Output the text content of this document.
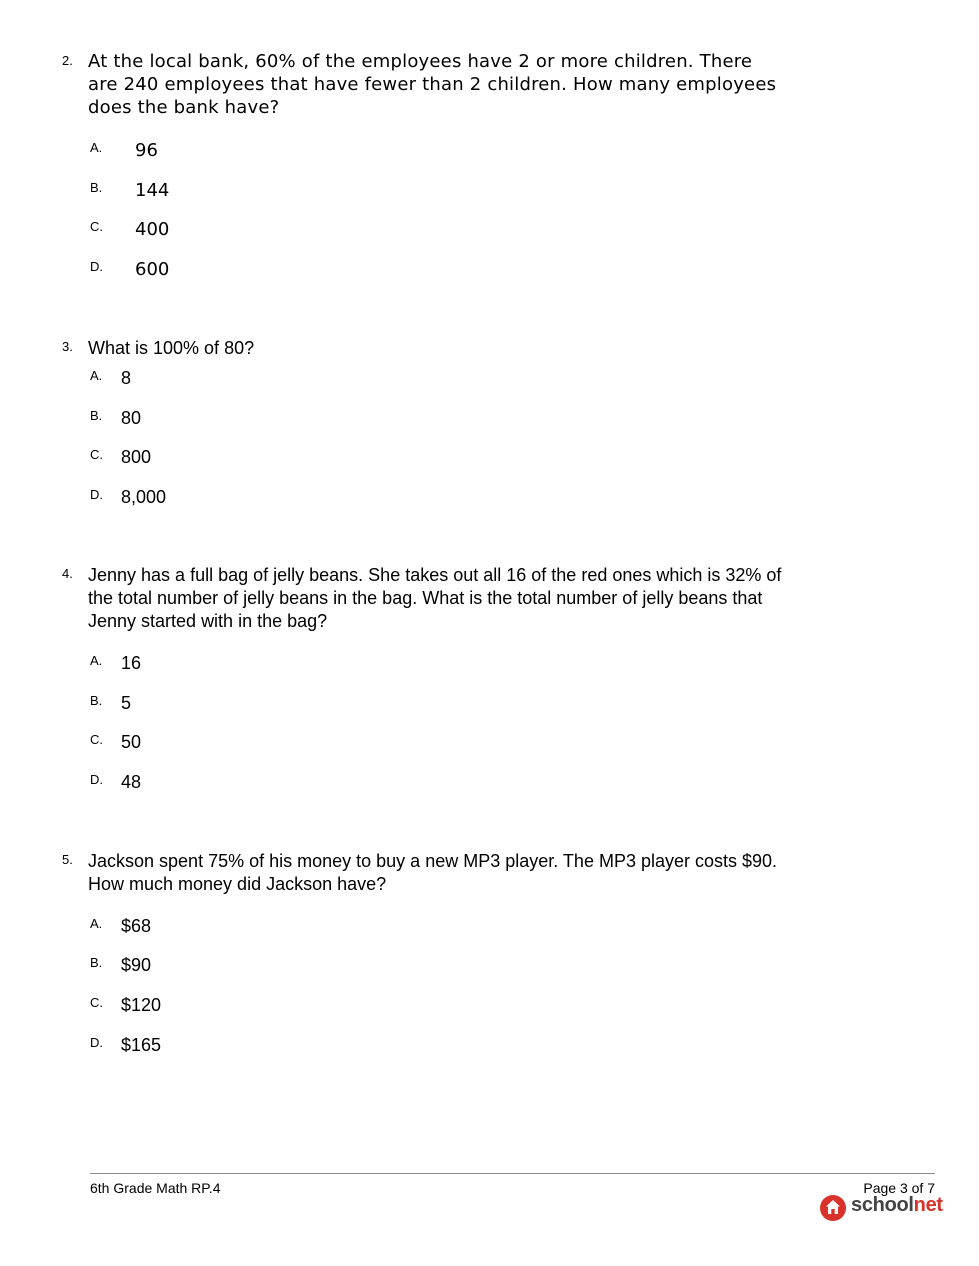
2. At the local bank, 60% of the employees have 2 or more children. There
are 240 employees that have fewer than 2 children. How many employees
does the bank have?
A. 96
B. 144
C. 400
D. 600
3. What is 100% of 80?
A. 8
B. 80
C. 800
D. 8,000
4. Jenny has a full bag of jelly beans. She takes out all 16 of the red ones which is 32% of
the total number of jelly beans in the bag. What is the total number of jelly beans that
Jenny started with in the bag?
A. 16
B. 5
C. 50
D. 48
5. Jackson spent 75% of his money to buy a new MP3 player. The MP3 player costs $90.
How much money did Jackson have?
A. $68
B. $90
C. $120
D. $165
6th Grade Math RP.4	Page 3 of 7
schoolnet
